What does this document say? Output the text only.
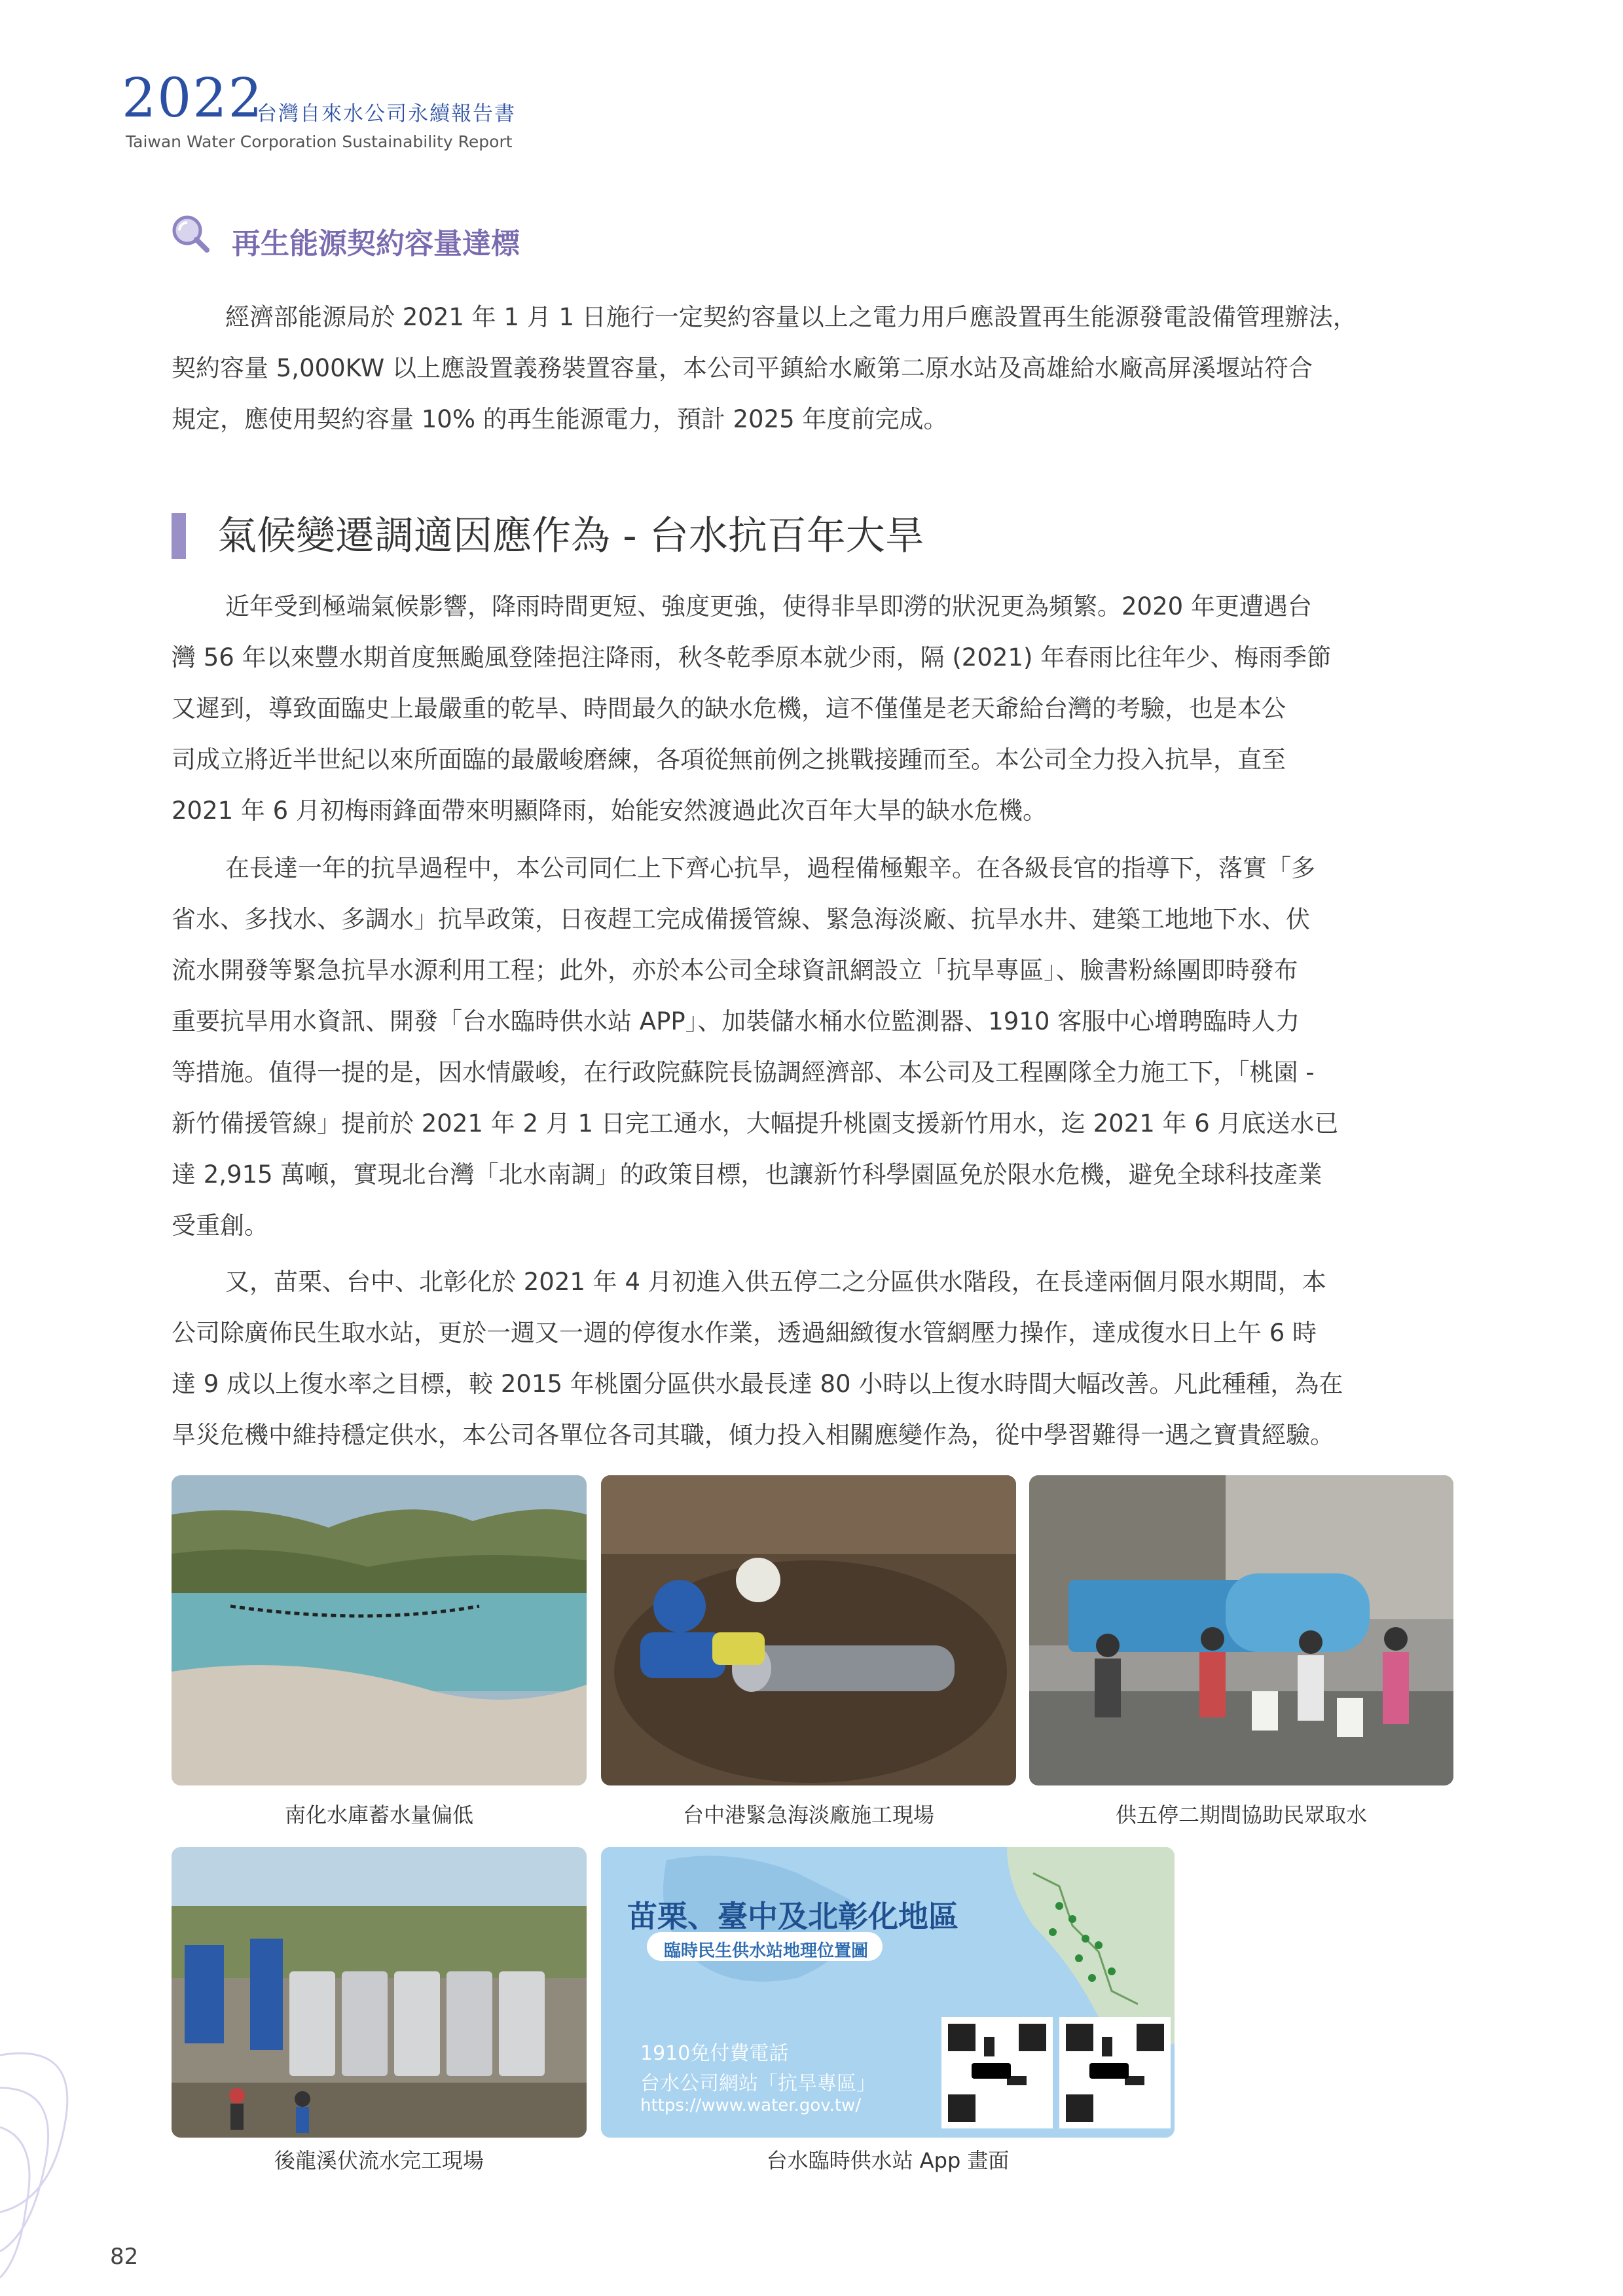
2022
台灣自來水公司永續報告書
Taiwan Water Corporation Sustainability Report
再生能源契約容量達標
經濟部能源局於 2021 年 1 月 1 日施行一定契約容量以上之電力用戶應設置再生能源發電設備管理辦法，
契約容量 5,000KW 以上應設置義務裝置容量，本公司平鎮給水廠第二原水站及高雄給水廠高屏溪堰站符合
規定，應使用契約容量 10% 的再生能源電力，預計 2025 年度前完成。
氣候變遷調適因應作為 - 台水抗百年大旱
近年受到極端氣候影響，降雨時間更短、強度更強，使得非旱即澇的狀況更為頻繁。2020 年更遭遇台
灣 56 年以來豐水期首度無颱風登陸挹注降雨，秋冬乾季原本就少雨，隔 (2021) 年春雨比往年少、梅雨季節
又遲到，導致面臨史上最嚴重的乾旱、時間最久的缺水危機，這不僅僅是老天爺給台灣的考驗，也是本公
司成立將近半世紀以來所面臨的最嚴峻磨練，各項從無前例之挑戰接踵而至。本公司全力投入抗旱，直至
2021 年 6 月初梅雨鋒面帶來明顯降雨，始能安然渡過此次百年大旱的缺水危機。
在長達一年的抗旱過程中，本公司同仁上下齊心抗旱，過程備極艱辛。在各級長官的指導下，落實「多
省水、多找水、多調水」抗旱政策，日夜趕工完成備援管線、緊急海淡廠、抗旱水井、建築工地地下水、伏
流水開發等緊急抗旱水源利用工程；此外，亦於本公司全球資訊網設立「抗旱專區」、臉書粉絲團即時發布
重要抗旱用水資訊、開發「台水臨時供水站 APP」、加裝儲水桶水位監測器、1910 客服中心增聘臨時人力
等措施。值得一提的是，因水情嚴峻，在行政院蘇院長協調經濟部、本公司及工程團隊全力施工下，「桃園 -
新竹備援管線」提前於 2021 年 2 月 1 日完工通水，大幅提升桃園支援新竹用水，迄 2021 年 6 月底送水已
達 2,915 萬噸，實現北台灣「北水南調」的政策目標，也讓新竹科學園區免於限水危機，避免全球科技產業
受重創。
又，苗栗、台中、北彰化於 2021 年 4 月初進入供五停二之分區供水階段，在長達兩個月限水期間，本
公司除廣佈民生取水站，更於一週又一週的停復水作業，透過細緻復水管網壓力操作，達成復水日上午 6 時
達 9 成以上復水率之目標，較 2015 年桃園分區供水最長達 80 小時以上復水時間大幅改善。凡此種種，為在
旱災危機中維持穩定供水，本公司各單位各司其職，傾力投入相關應變作為，從中學習難得一遇之寶貴經驗。
南化水庫蓄水量偏低	台中港緊急海淡廠施工現場	供五停二期間協助民眾取水
苗栗、臺中及北彰化地區
臨時民生供水站地理位置圖
1910免付費電話
台水公司網站「抗旱專區」
https://www.water.gov.tw/
後龍溪伏流水完工現場	台水臨時供水站 App 畫面
82
